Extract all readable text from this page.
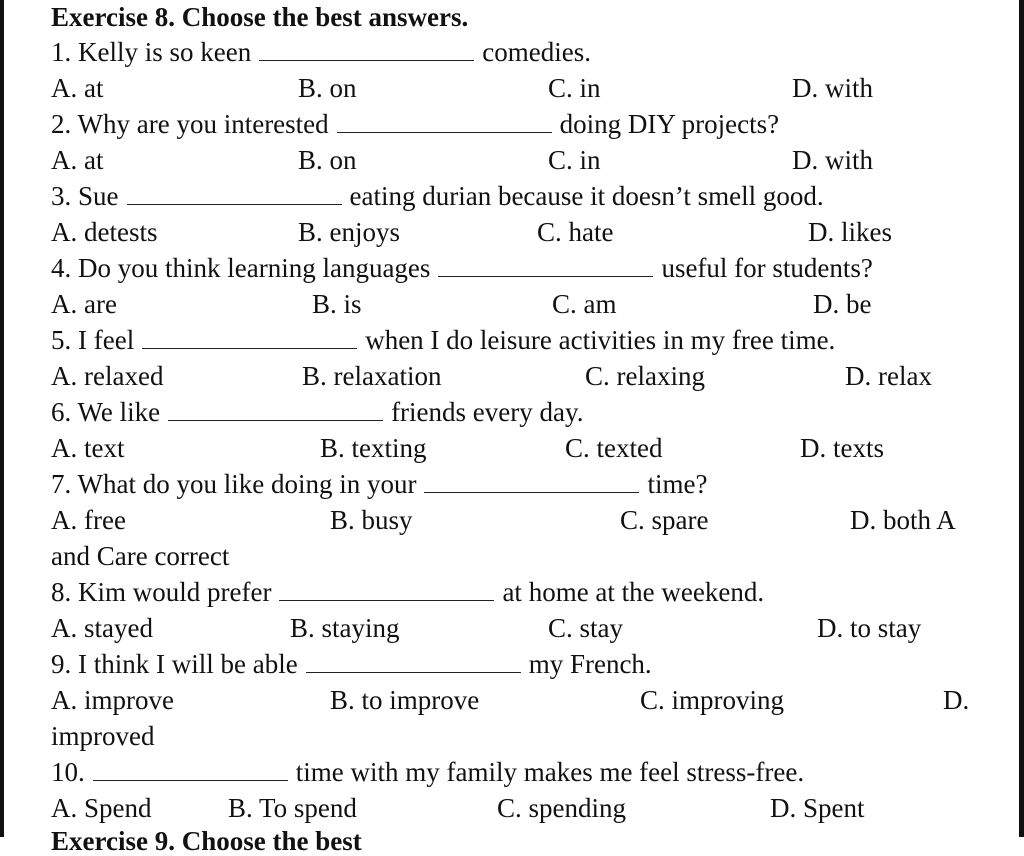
Exercise 8. Choose the best answers.
1. Kelly is so keen	comedies.
A. at	B. on	C. in	D. with
2. Why are you interested	doing DIY projects?
A. at	B. on	C. in	D. with
3. Sue	eating durian because it doesn’t smell good.
A. detests	B. enjoys	C. hate	D. likes
4. Do you think learning languages	useful for students?
A. are	B. is	C. am	D. be
5. I feel	when I do leisure activities in my free time.
A. relaxed	B. relaxation	C. relaxing	D. relax
6. We like	friends every day.
A. text	B. texting	C. texted	D. texts
7. What do you like doing in your	time?
A. free	B. busy	C. spare	D. both A
and Care correct
8. Kim would prefer	at home at the weekend.
A. stayed	B. staying	C. stay	D. to stay
9. I think I will be able	my French.
A. improve	B. to improve	C. improving	D.
improved
10.	time with my family makes me feel stress-free.
A. Spend	B. To spend	C. spending	D. Spent
Exercise 9. Choose the best
